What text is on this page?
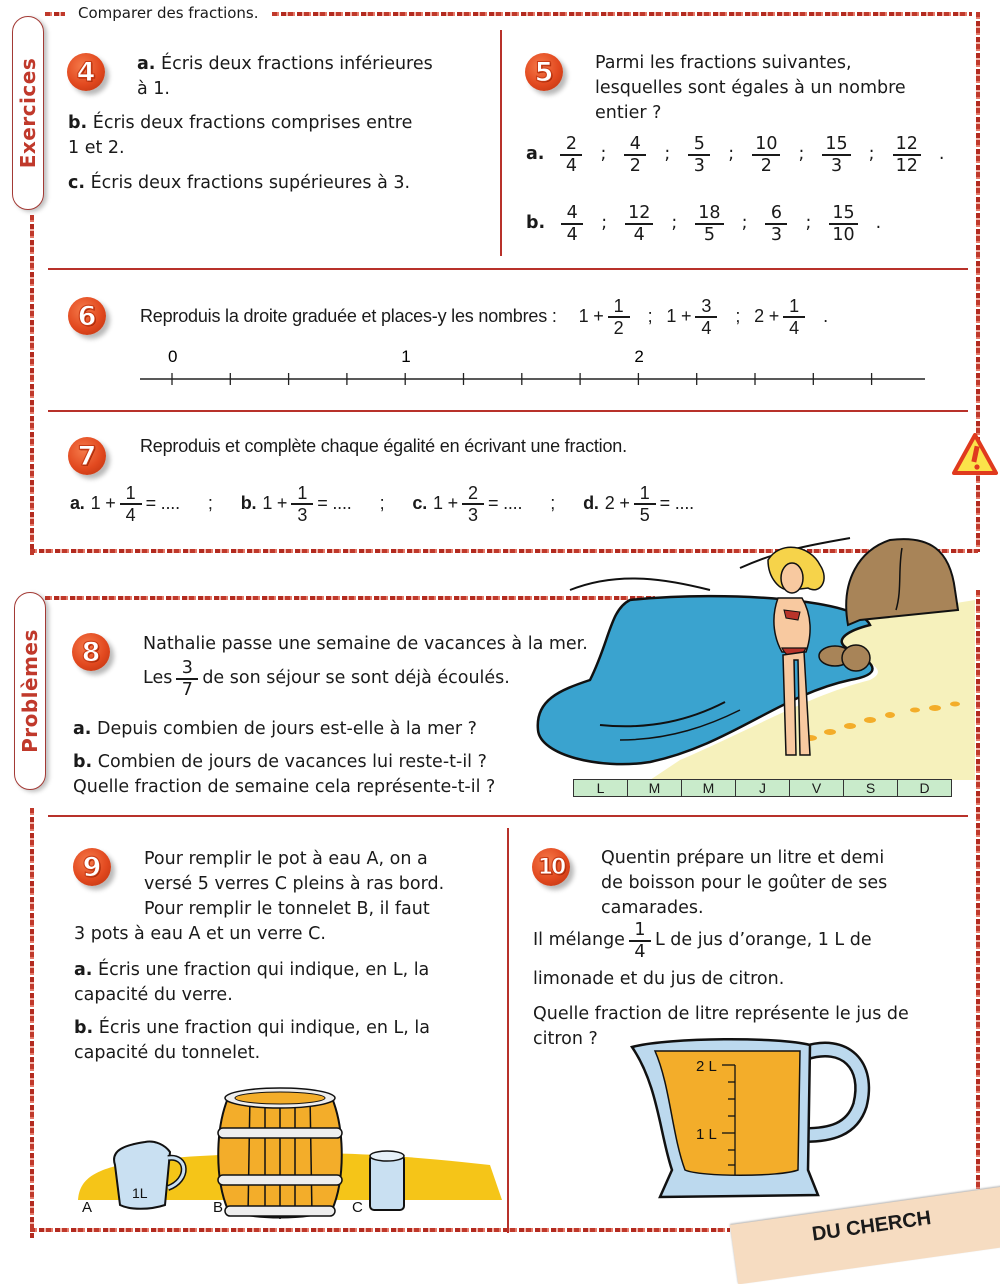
Comparer des fractions.
Exercices	4	a. Écris deux fractions inférieures
à 1.
b. Écris deux fractions comprises entre
1 et 2.
c. Écris deux fractions supérieures à 3.
5	Parmi les fractions suivantes,
lesquelles sont égales à un nombre
entier ?
a. $\frac{2}{4}$ ; $\frac{4}{2}$ ; $\frac{5}{3}$ ; $\frac{10}{2}$ ; $\frac{15}{3}$ ; $\frac{12}{12}$ .
b. $\frac{4}{4}$ ; $\frac{12}{4}$ ; $\frac{18}{5}$ ; $\frac{6}{3}$ ; $\frac{15}{10}$ .
6	Reproduis la droite graduée et places-y les nombres : $1 + \frac{1}{2}$ ; $1 + \frac{3}{4}$ ; $2 + \frac{1}{4}$ .
0	1	2
7	Reproduis et complète chaque égalité en écrivant une fraction.
a. $1 + \frac{1}{4}$ = .... ; b. $1 + \frac{1}{3}$ = .... ; c. $1 + \frac{2}{3}$ = .... ; d. $2 + \frac{1}{5}$ = ....
Problèmes	8	Nathalie passe une semaine de vacances à la mer.
Les $\frac{3}{7}$ de son séjour se sont déjà écoulés.
a. Depuis combien de jours est-elle à la mer ?
b. Combien de jours de vacances lui reste-t-il ?
Quelle fraction de semaine cela représente-t-il ?	L	M	M	J	V	S	D
9	Pour remplir le pot à eau A, on a
versé 5 verres C pleins à ras bord.
Pour remplir le tonnelet B, il faut
3 pots à eau A et un verre C.
a. Écris une fraction qui indique, en L, la
capacité du verre.
b. Écris une fraction qui indique, en L, la
capacité du tonnelet.
1L
A	B	C
10	Quentin prépare un litre et demi
de boisson pour le goûter de ses
camarades.
Il mélange $\frac{1}{4}$ L de jus d’orange, 1 L de
limonade et du jus de citron.
Quelle fraction de litre représente le jus de
citron ?
2 L
1 L
DU CHERCH
